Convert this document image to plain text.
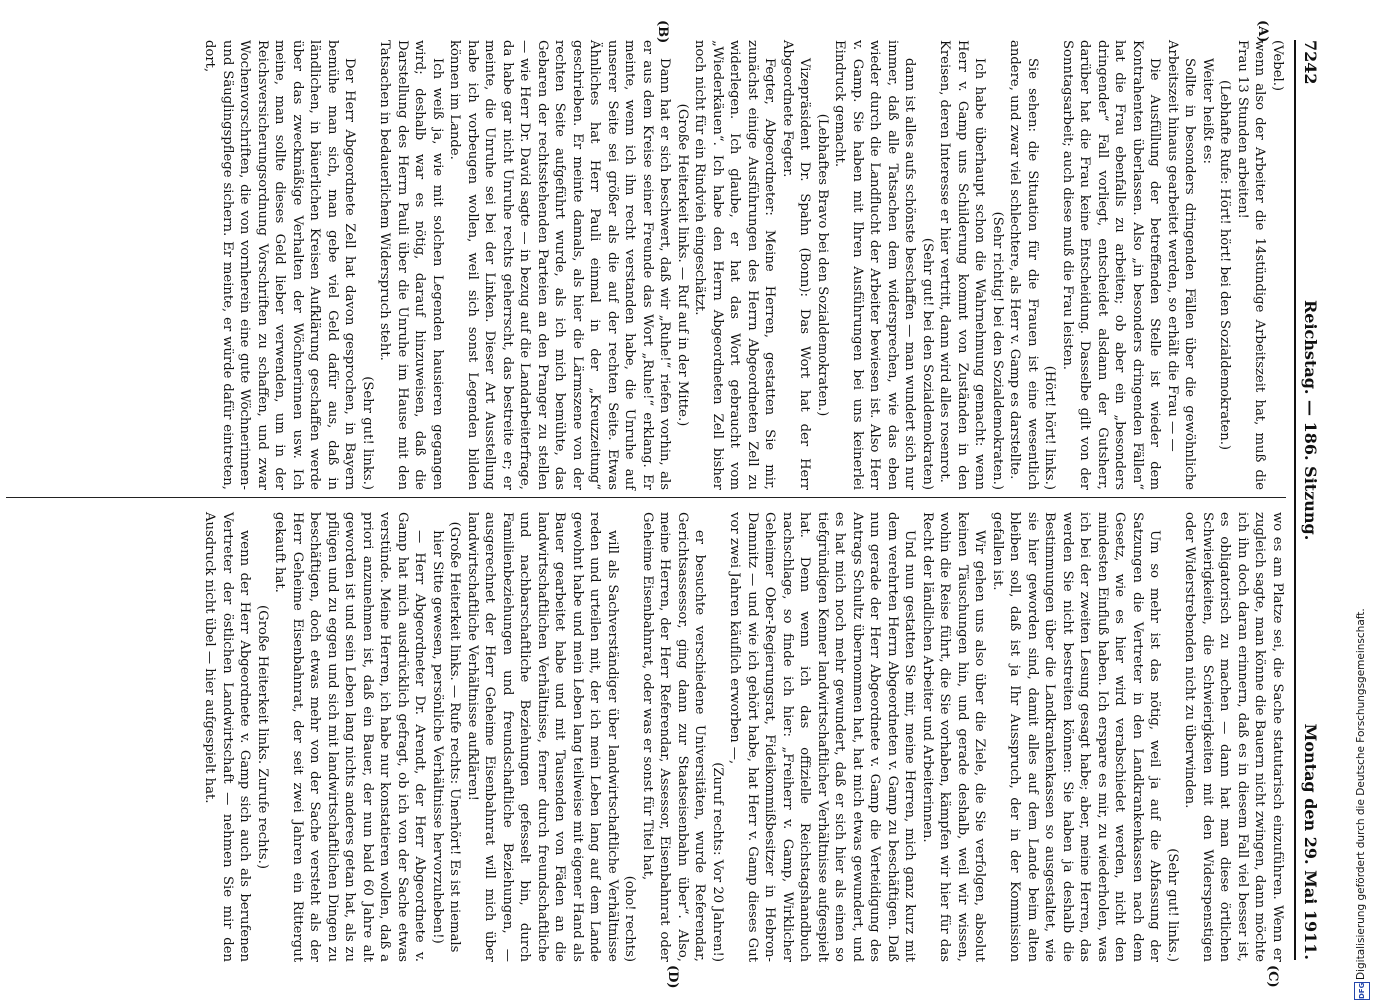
7242
Reichstag. — 186. Sitzung.
Montag den 29. Mai 1911.
(A)
(B)
(C)
(D)

(Vebel.)

wenn also der Arbeiter die 14stündige Arbeitszeit hat, muß die Frau 13 Stunden arbeiten!

(Lebhafte Rufe: Hört! hört! bei den Sozialdemokraten.)

Weiter heißt es:

Sollte in besonders dringenden Fällen über die gewöhnliche Arbeitszeit hinaus gearbeitet werden, so erhält die Frau — —

Die Ausfüllung der betreffenden Stelle ist wieder dem Kontrahenten überlassen. Also „in besonders dringenden Fällen“ hat die Frau ebenfalls zu arbeiten; ob aber ein „besonders dringender“ Fall vorliegt, entscheidet alsdann der Gutsherr, darüber hat die Frau keine Entscheidung. Dasselbe gilt von der Sonntagsarbeit; auch diese muß die Frau leisten.

(Hört! hört! links.)

Sie sehen: die Situation für die Frauen ist eine wesentlich andere, und zwar viel schlechtere, als Herr v. Gamp es darstellte.

(Sehr richtig! bei den Sozialdemokraten.)

Ich habe überhaupt schon die Wahrnehmung gemacht: wenn Herr v. Gamp uns Schilderung kommt von Zuständen in den Kreisen, deren Interesse er hier vertritt, dann wird alles rosenrot.

(Sehr gut! bei den Sozialdemokraten)

dann ist alles aufs schönste beschaffen — man wundert sich nur immer, daß alle Tatsachen dem widersprechen, wie das eben wieder durch die Landflucht der Arbeiter bewiesen ist. Also Herr v. Gamp. Sie haben mit Ihren Ausführungen bei uns keinerlei Eindruck gemacht.

(Lebhaftes Bravo bei den Sozialdemokraten.)

Vizepräsident Dr. Spahn (Bonn): Das Wort hat der Herr Abgeordnete Fegter.

Fegter, Abgeordneter: Meine Herren, gestatten Sie mir, zunächst einige Ausführungen des Herrn Abgeordneten Zell zu widerlegen. Ich glaube, er hat das Wort gebraucht vom „Wiederkäuen“. Ich habe den Herrn Abgeordneten Zell bisher noch nicht für ein Rindvieh eingeschätzt.

(Große Heiterkeit links. — Ruf auf in der Mitte.)

Dann hat er sich beschwert, daß wir „Ruhe!“ riefen vorhin, als er aus dem Kreise seiner Freunde das Wort „Ruhe!“ erklang. Er meinte, wenn ich ihn recht verstanden habe, die Unruhe auf unserer Seite sei größer als die auf der rechten Seite. Etwas Ähnliches hat Herr Pauli einmal in der „Kreuzzeitung“ geschrieben. Er meinte damals, als hier die Lärmszene von der rechten Seite aufgeführt wurde, als ich mich bemühte, das Gebaren der rechtsstehenden Parteien an den Pranger zu stellen — wie Herr Dr. David sagte — in bezug auf die Landarbeiterfrage, da habe gar nicht Unruhe rechts geherrscht, das bestreite er; er meinte, die Unruhe sei bei der Linken. Dieser Art Ausstellung habe ich vorbeugen wollen, weil sich sonst Legenden bilden können im Lande.

Ich weiß ja, wie mit solchen Legenden hausieren gegangen wird; deshalb war es nötig, darauf hinzuweisen, daß die Darstellung des Herrn Pauli über die Unruhe im Hause mit den Tatsachen in bedauerlichem Widerspruch steht.

(Sehr gut! links.)

Der Herr Abgeordnete Zell hat davon gesprochen, in Bayern bemühe man sich, man gebe viel Geld dafür aus, daß in ländlichen, in bäuerlichen Kreisen Aufklärung geschaffen werde über das zweckmäßige Verhalten der Wöchnerinnen usw. Ich meine, man sollte dieses Geld lieber verwenden, um in der Reichsversicherungsordnung Vorschriften zu schaffen, und zwar Wochenvorschriften, die von vornherein eine gute Wöchnerinnen- und Säuglingspflege sichern. Er meinte, er würde dafür eintreten, dort,

wo es am Platze sei, die Sache statutarisch einzuführen. Wenn er zugleich sagte, man könne die Bauern nicht zwingen, dann möchte ich ihn doch daran erinnern, daß es in diesem Fall viel besser ist, es obligatorisch zu machen — dann hat man diese örtlichen Schwierigkeiten, die Schwierigkeiten mit den Widerspenstigen oder Widerstrebenden nicht zu überwinden.

(Sehr gut! links.)

Um so mehr ist das nötig, weil ja auf die Abfassung der Satzungen die Vertreter in den Landkrankenkassen nach dem Gesetz, wie es hier wird verabschiedet werden, nicht den mindesten Einfluß haben. Ich erspare es mir, zu wiederholen, was ich bei der zweiten Lesung gesagt habe; aber, meine Herren, das werden Sie nicht bestreiten können: Sie haben ja deshalb die Bestimmungen über die Landkrankenkassen so ausgestaltet, wie sie hier geworden sind, damit alles auf dem Lande beim alten bleiben soll, daß ist ja Ihr Ausspruch, der in der Kommission gefallen ist.

Wir gehen uns also über die Ziele, die Sie verfolgen, absolut keinen Täuschungen hin, und gerade deshalb, weil wir wissen, wohin die Reise führt, die Sie vorhaben, kämpfen wir hier für das Recht der ländlichen Arbeiter und Arbeiterinnen.

Und nun gestatten Sie mir, meine Herren, mich ganz kurz mit dem verehrten Herrn Abgeordneten v. Gamp zu beschäftigen. Daß nun gerade der Herr Abgeordnete v. Gamp die Verteidigung des Antrags Schultz übernommen hat, hat mich etwas gewundert, und es hat mich noch mehr gewundert, daß er sich hier als einen so tiefgründigen Kenner landwirtschaftlicher Verhältnisse aufgespielt hat. Denn wenn ich das offizielle Reichstagshandbuch nachschlage, so finde ich hier: „Freiherr v. Gamp, Wirklicher Geheimer Ober-Regierungsrat, Fideikommißbesitzer in Hebron-Damnitz — und wie ich gehört habe, hat Herr v. Gamp dieses Gut vor zwei Jahren käuflich erworben —,

(Zuruf rechts: Vor 20 Jahren!)

er besuchte verschiedene Universitäten, wurde Referendar, Gerichtsassessor, ging dann zur Staatseisenbahn über“. Also, meine Herren, der Herr Referendar, Assessor, Eisenbahnrat oder Geheime Eisenbahnrat, oder was er sonst für Titel hat,

(oho! rechts)

will als Sachverständiger über landwirtschaftliche Verhältnisse reden und urteilen mit, der ich mein Leben lang auf dem Lande gewohnt habe und mein Leben lang teilweise mit eigener Hand als Bauer gearbeitet habe und mit Tausenden von Fäden an die landwirtschaftlichen Verhältnisse, ferner durch freundschaftliche und nachbarschaftliche Beziehungen gefesselt bin, durch Familienbeziehungen und freundschaftliche Beziehungen, — ausgerechnet der Herr Geheime Eisenbahnrat will mich über landwirtschaftliche Verhältnisse aufklären!

(Große Heiterkeit links. — Rufe rechts: Unerhört! Es ist niemals hier Sitte gewesen, persönliche Verhältnisse hervorzuheben!)

— Herr Abgeordneter Dr. Arendt, der Herr Abgeordnete v. Gamp hat mich ausdrücklich gefragt, ob ich von der Sache etwas verstünde. Meine Herren, ich habe nur konstatieren wollen, daß a priori anzunehmen ist, daß ein Bauer, der nun bald 60 Jahre alt geworden ist und sein Leben lang nichts anderes getan hat, als zu pflügen und zu eggen und sich mit landwirtschaftlichen Dingen zu beschäftigen, doch etwas mehr von der Sache versteht als der Herr Geheime Eisenbahnrat, der seit zwei Jahren ein Rittergut gekauft hat.

(Große Heiterkeit links. Zurufe rechts.)

wenn der Herr Abgeordnete v. Gamp sich auch als berufenen Vertreter der östlichen Landwirtschaft — nehmen Sie mir den Ausdruck nicht übel — hier aufgespielt hat.

DFG
Digitalisierung gefördert durch die Deutsche Forschungsgemeinschaft.
